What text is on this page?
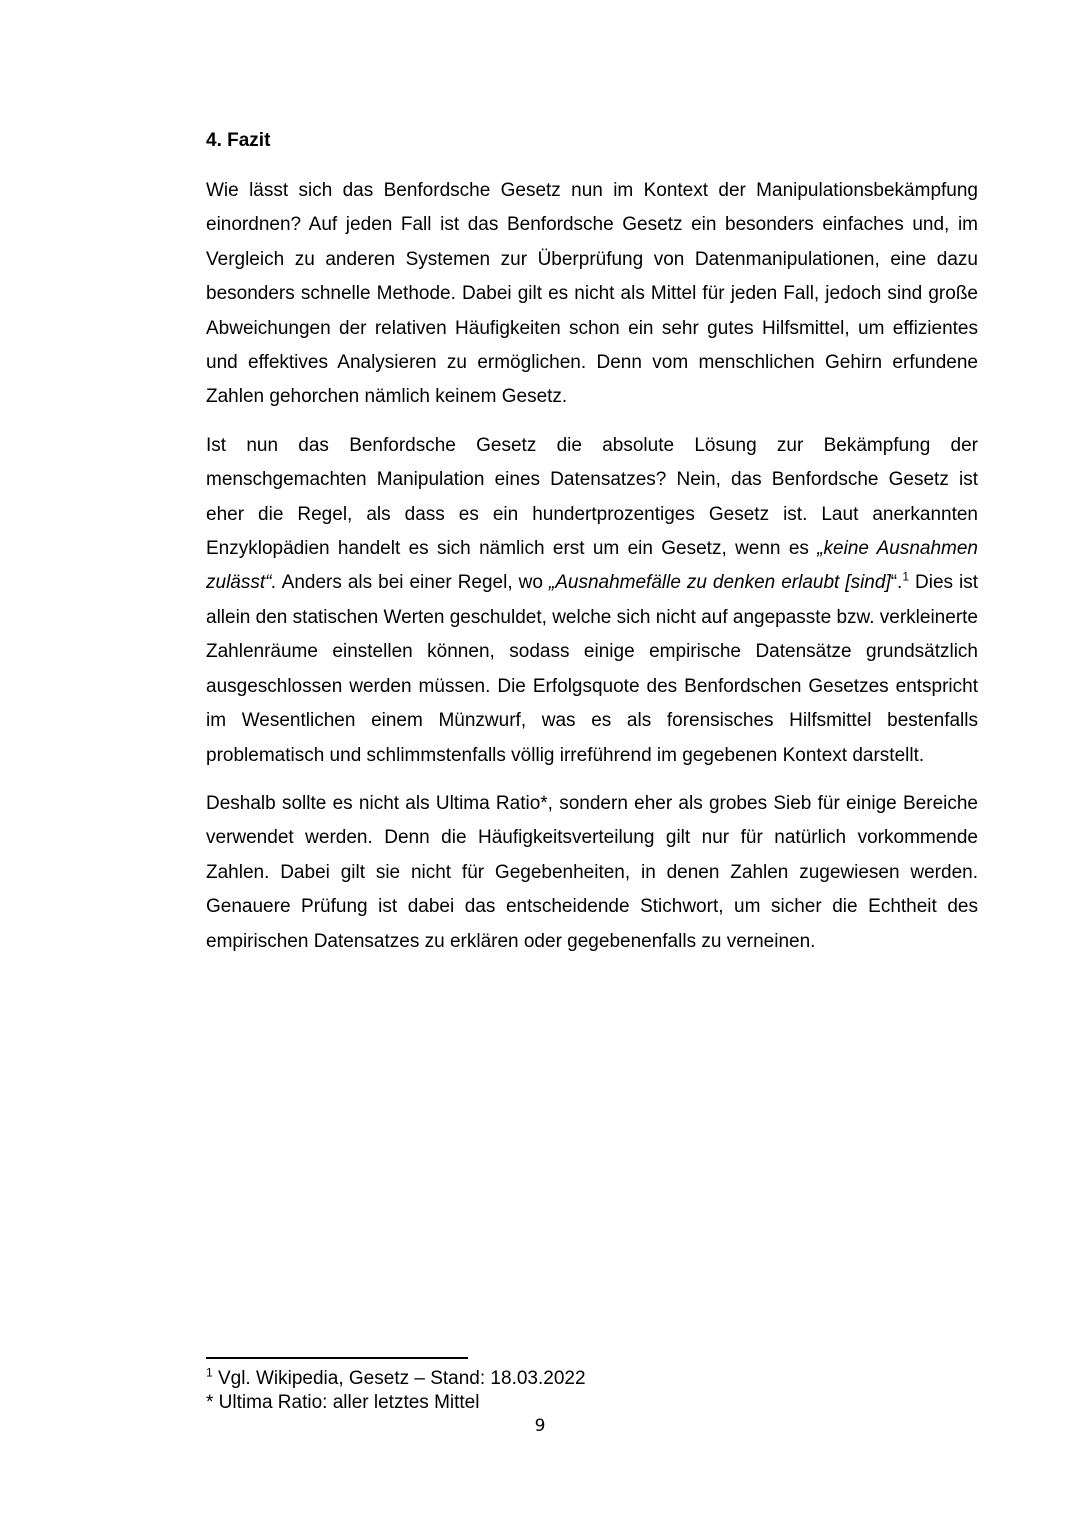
4. Fazit

Wie lässt sich das Benfordsche Gesetz nun im Kontext der Manipulationsbekämpfung einordnen? Auf jeden Fall ist das Benfordsche Gesetz ein besonders einfaches und, im Vergleich zu anderen Systemen zur Überprüfung von Datenmanipulationen, eine dazu besonders schnelle Methode. Dabei gilt es nicht als Mittel für jeden Fall, jedoch sind große Abweichungen der relativen Häufigkeiten schon ein sehr gutes Hilfsmittel, um effizientes und effektives Analysieren zu ermöglichen. Denn vom menschlichen Gehirn erfundene Zahlen gehorchen nämlich keinem Gesetz.

Ist nun das Benfordsche Gesetz die absolute Lösung zur Bekämpfung der menschgemachten Manipulation eines Datensatzes? Nein, das Benfordsche Gesetz ist eher die Regel, als dass es ein hundertprozentiges Gesetz ist. Laut anerkannten Enzyklopädien handelt es sich nämlich erst um ein Gesetz, wenn es „keine Ausnahmen zulässt“. Anders als bei einer Regel, wo „Ausnahmefälle zu denken erlaubt [sind]“.$^1$ Dies ist allein den statischen Werten geschuldet, welche sich nicht auf angepasste bzw. verkleinerte Zahlenräume einstellen können, sodass einige empirische Datensätze grundsätzlich ausgeschlossen werden müssen. Die Erfolgsquote des Benfordschen Gesetzes entspricht im Wesentlichen einem Münzwurf, was es als forensisches Hilfsmittel bestenfalls problematisch und schlimmstenfalls völlig irreführend im gegebenen Kontext darstellt.

Deshalb sollte es nicht als Ultima Ratio*, sondern eher als grobes Sieb für einige Bereiche verwendet werden. Denn die Häufigkeitsverteilung gilt nur für natürlich vorkommende Zahlen. Dabei gilt sie nicht für Gegebenheiten, in denen Zahlen zugewiesen werden. Genauere Prüfung ist dabei das entscheidende Stichwort, um sicher die Echtheit des empirischen Datensatzes zu erklären oder gegebenenfalls zu verneinen.

$^1$ Vgl. Wikipedia, Gesetz – Stand: 18.03.2022
* Ultima Ratio: aller letztes Mittel
9
